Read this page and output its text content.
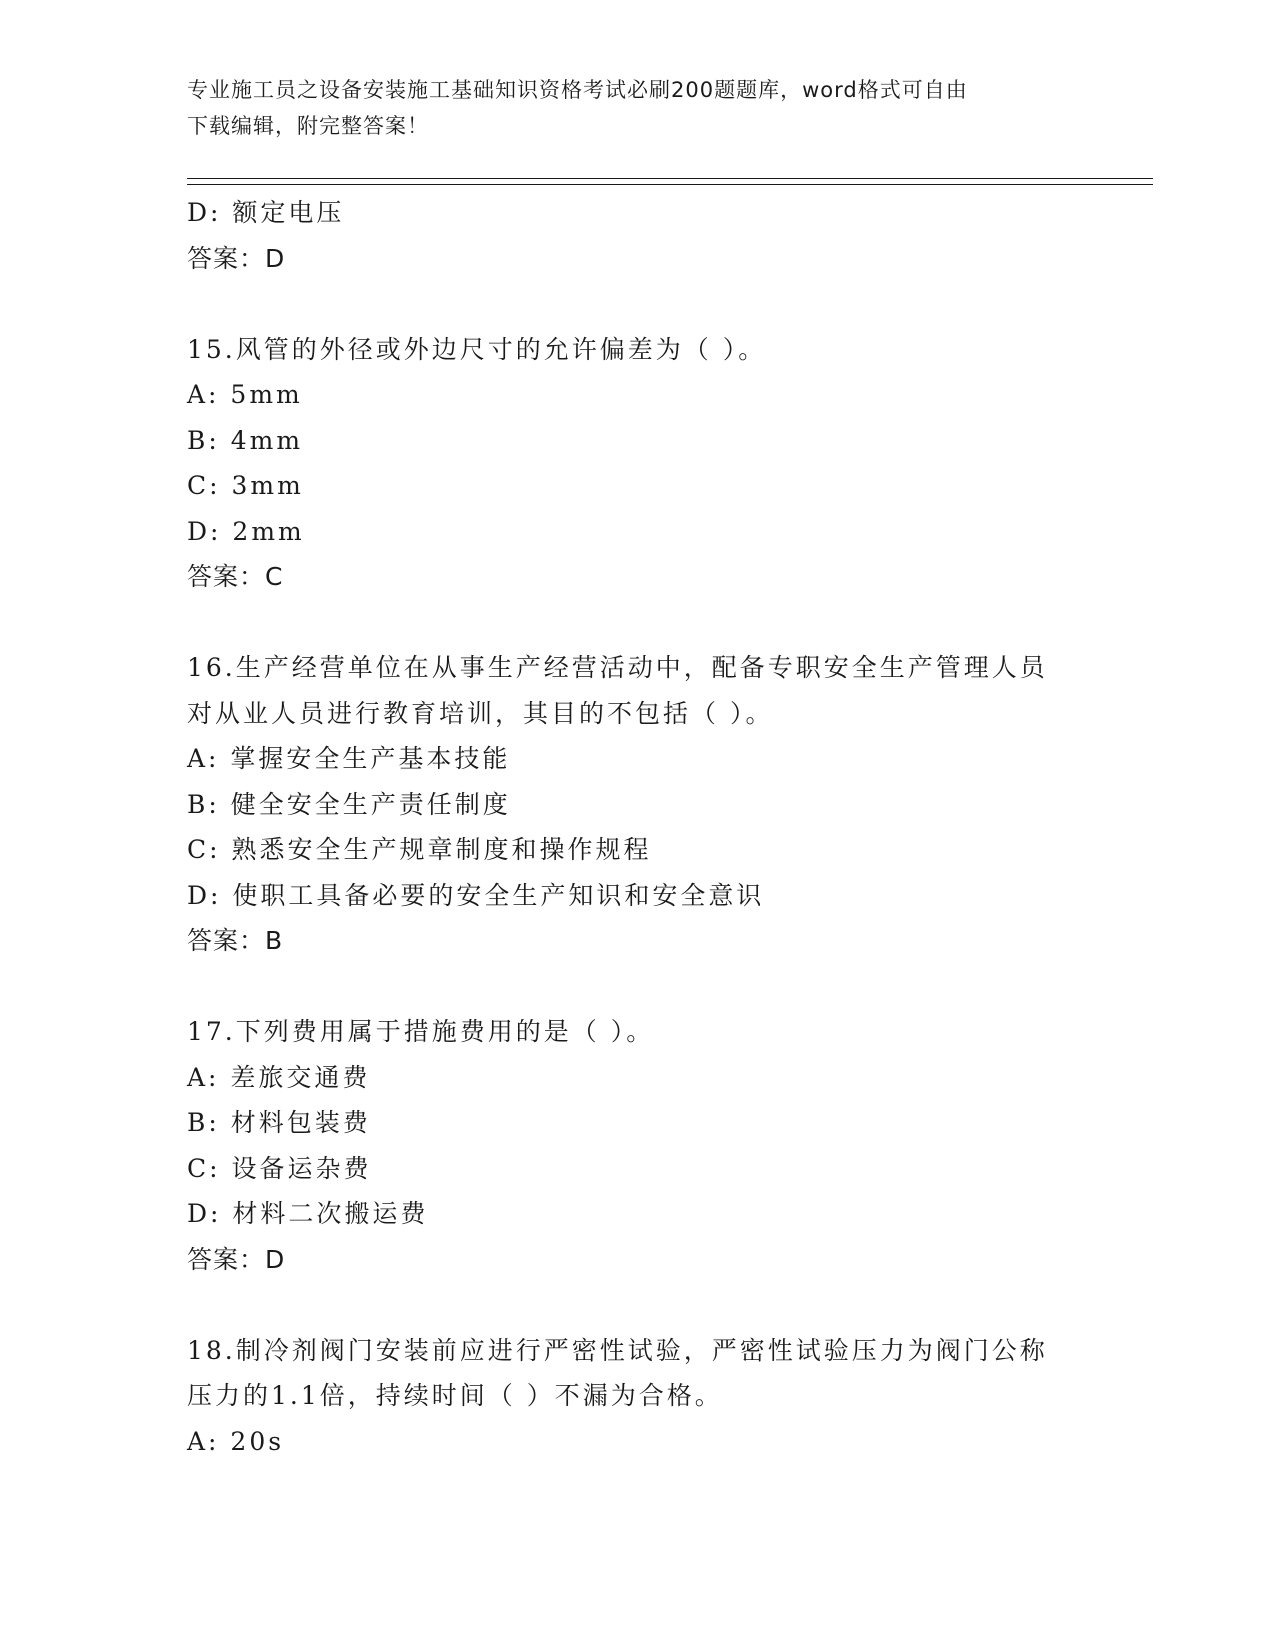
专业施工员之设备安装施工基础知识资格考试必刷200题题库，word格式可自由
下载编辑，附完整答案！
D: 额定电压
答案：D
15.风管的外径或外边尺寸的允许偏差为（ ）。
A: 5mm
B: 4mm
C: 3mm
D: 2mm
答案：C
16.生产经营单位在从事生产经营活动中，配备专职安全生产管理人员
对从业人员进行教育培训，其目的不包括（ ）。
A: 掌握安全生产基本技能
B: 健全安全生产责任制度
C: 熟悉安全生产规章制度和操作规程
D: 使职工具备必要的安全生产知识和安全意识
答案：B
17.下列费用属于措施费用的是（ ）。
A: 差旅交通费
B: 材料包装费
C: 设备运杂费
D: 材料二次搬运费
答案：D
18.制冷剂阀门安装前应进行严密性试验，严密性试验压力为阀门公称
压力的1.1倍，持续时间（ ）不漏为合格。
A: 20s
